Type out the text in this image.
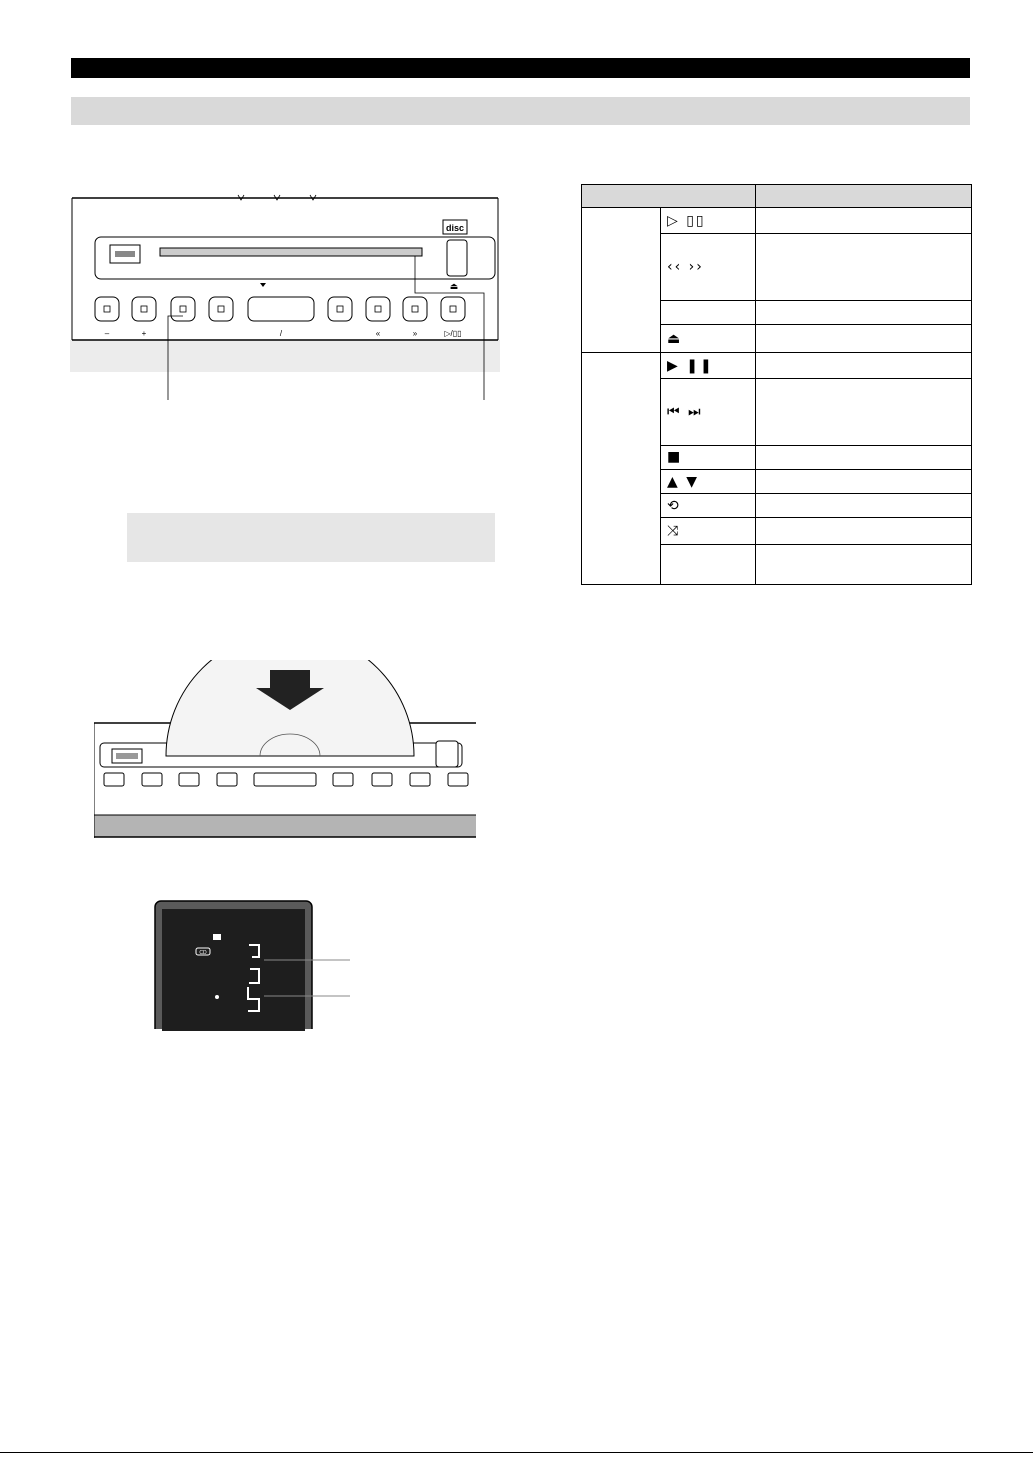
disc
⏏
–	+	/	«	»	▷/▯▯
CD

	▷ ▯▯	
	‹‹ ››	

	⏏	
	▶ ❚❚	
	⏮ ⏭	
	■	
	▲ ▼	
	⟲	
	⤨	
